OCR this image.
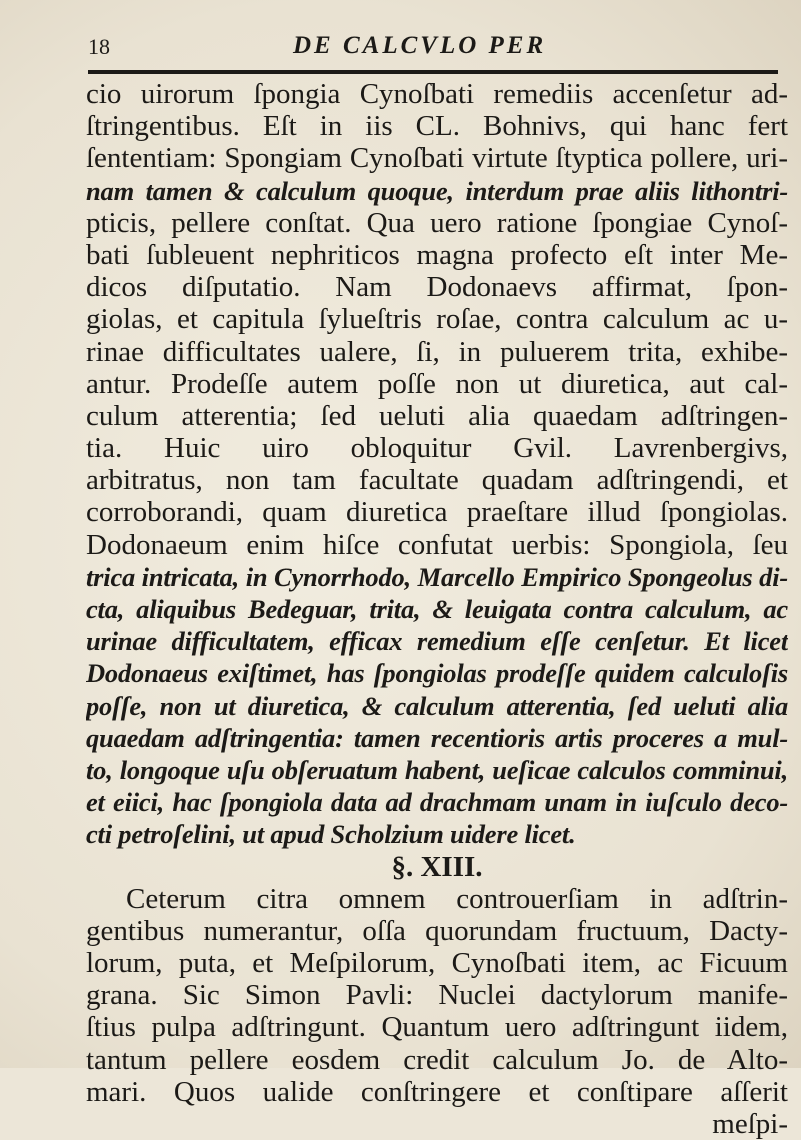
18	DE CALCVLO PER
cio uirorum ſpongia Cynoſbati remediis accenſetur ad-
ſtringentibus. Eſt in iis CL. Bohnivs, qui hanc fert
ſententiam: Spongiam Cynoſbati virtute ſtyptica pollere, uri-
nam tamen & calculum quoque, interdum prae aliis lithontri-
pticis, pellere conſtat. Qua uero ratione ſpongiae Cynoſ-
bati ſubleuent nephriticos magna profecto eſt inter Me-
dicos diſputatio. Nam Dodonaevs affirmat, ſpon-
giolas, et capitula ſylueſtris roſae, contra calculum ac u-
rinae difficultates ualere, ſi, in puluerem trita, exhibe-
antur. Prodeſſe autem poſſe non ut diuretica, aut cal-
culum atterentia; ſed ueluti alia quaedam adſtringen-
tia. Huic uiro obloquitur Gvil. Lavrenbergivs,
arbitratus, non tam facultate quadam adſtringendi, et
corroborandi, quam diuretica praeſtare illud ſpongiolas.
Dodonaeum enim hiſce confutat uerbis: Spongiola, ſeu
trica intricata, in Cynorrhodo, Marcello Empirico Spongeolus di-
cta, aliquibus Bedeguar, trita, & leuigata contra calculum, ac
urinae difficultatem, efficax remedium eſſe cenſetur. Et licet
Dodonaeus exiſtimet, has ſpongiolas prodeſſe quidem calculoſis
poſſe, non ut diuretica, & calculum atterentia, ſed ueluti alia
quaedam adſtringentia: tamen recentioris artis proceres a mul-
to, longoque uſu obſeruatum habent, ueſicae calculos comminui,
et eiici, hac ſpongiola data ad drachmam unam in iuſculo deco-
cti petroſelini, ut apud Scholzium uidere licet.
§. XIII.
Ceterum citra omnem controuerſiam in adſtrin-
gentibus numerantur, oſſa quorundam fructuum, Dacty-
lorum, puta, et Meſpilorum, Cynoſbati item, ac Ficuum
grana. Sic Simon Pavli: Nuclei dactylorum manife-
ſtius pulpa adſtringunt. Quantum uero adſtringunt iidem,
tantum pellere eosdem credit calculum Jo. de Alto-
mari. Quos ualide conſtringere et conſtipare aſſerit
meſpi-
